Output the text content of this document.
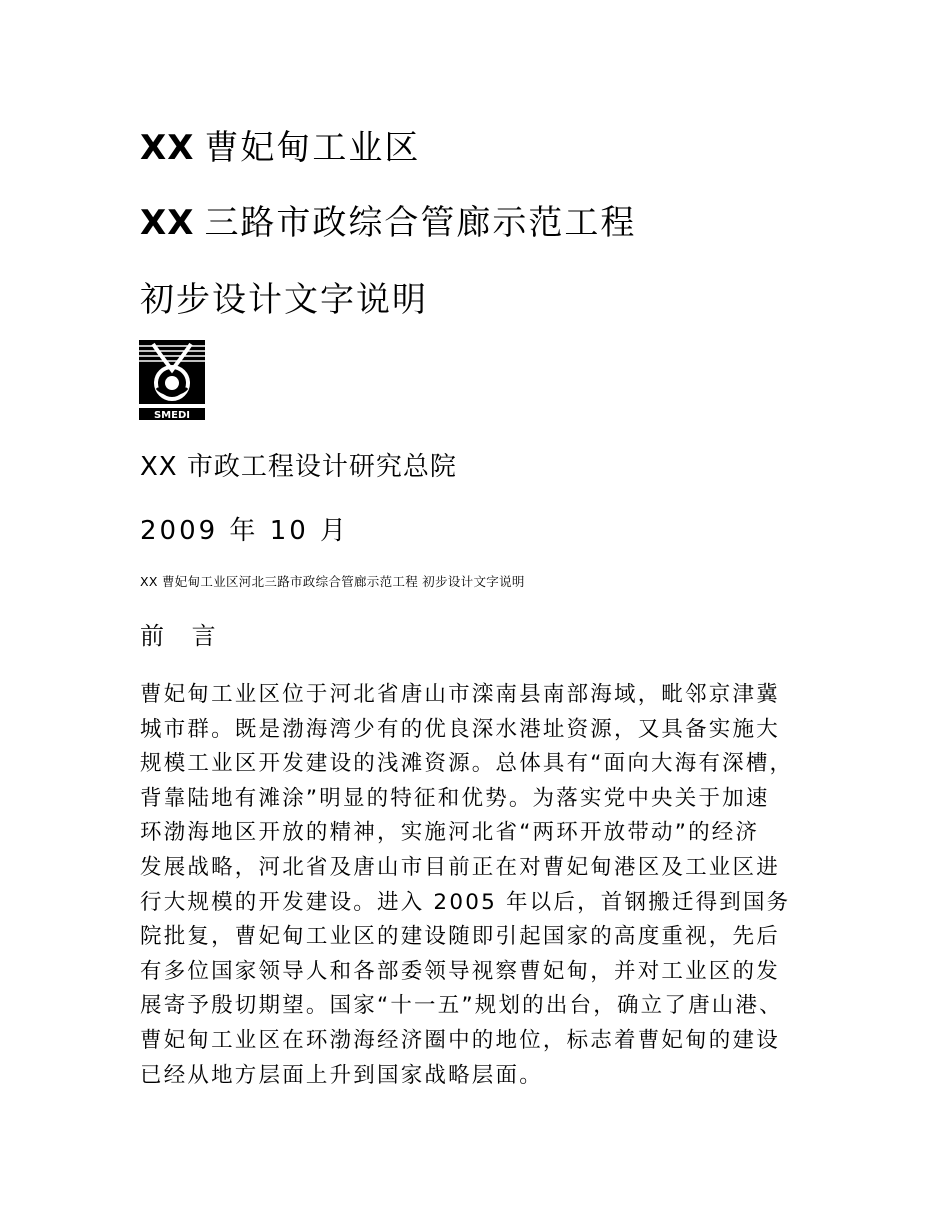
XX 曹妃甸工业区
XX 三路市政综合管廊示范工程
初步设计文字说明
SMEDI
XX 市政工程设计研究总院
2009 年 10 月
XX 曹妃甸工业区河北三路市政综合管廊示范工程 初步设计文字说明
前 言
曹妃甸工业区位于河北省唐山市滦南县南部海域，毗邻京津冀
城市群。既是渤海湾少有的优良深水港址资源，又具备实施大
规模工业区开发建设的浅滩资源。总体具有“面向大海有深槽，
背靠陆地有滩涂”明显的特征和优势。为落实党中央关于加速
环渤海地区开放的精神，实施河北省“两环开放带动”的经济
发展战略，河北省及唐山市目前正在对曹妃甸港区及工业区进
行大规模的开发建设。进入 2005 年以后，首钢搬迁得到国务
院批复，曹妃甸工业区的建设随即引起国家的高度重视，先后
有多位国家领导人和各部委领导视察曹妃甸，并对工业区的发
展寄予殷切期望。国家“十一五”规划的出台，确立了唐山港、
曹妃甸工业区在环渤海经济圈中的地位，标志着曹妃甸的建设
已经从地方层面上升到国家战略层面。
